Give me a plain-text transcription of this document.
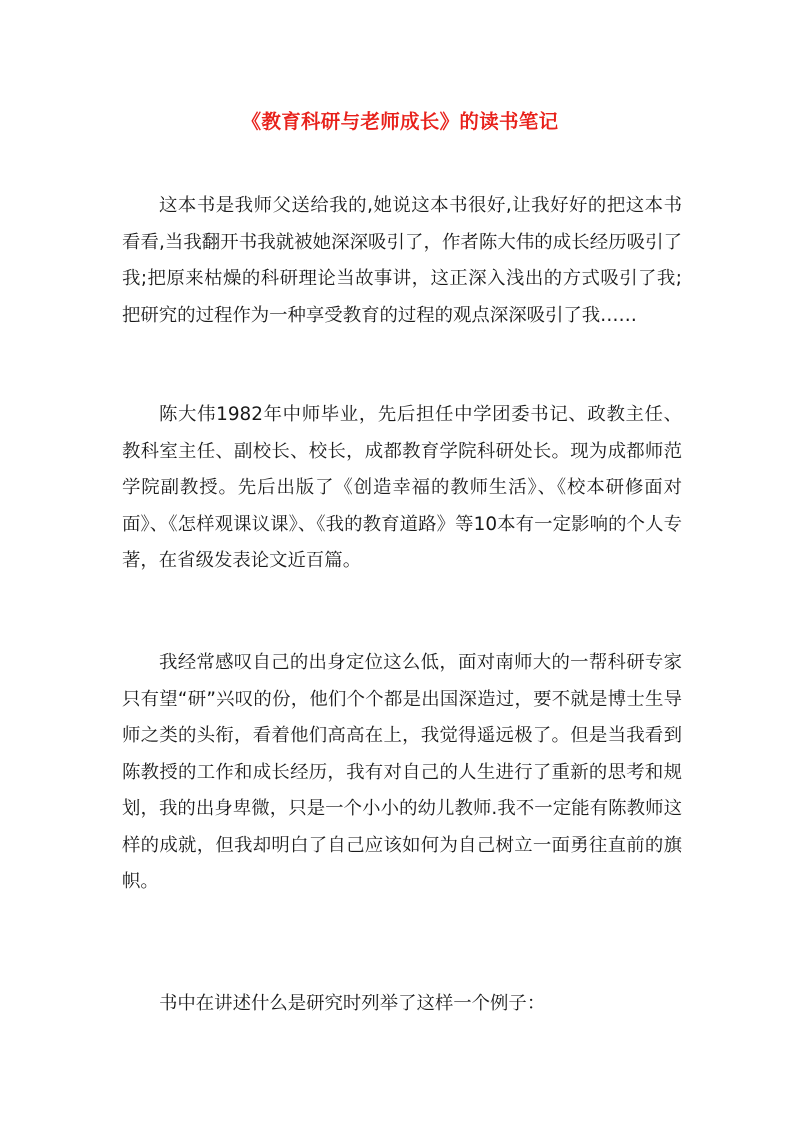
《教育科研与老师成长》的读书笔记

这本书是我师父送给我的,她说这本书很好,让我好好的把这本书看看,当我翻开书我就被她深深吸引了，作者陈大伟的成长经历吸引了我;把原来枯燥的科研理论当故事讲，这正深入浅出的方式吸引了我;把研究的过程作为一种享受教育的过程的观点深深吸引了我……

陈大伟1982年中师毕业，先后担任中学团委书记、政教主任、教科室主任、副校长、校长，成都教育学院科研处长。现为成都师范学院副教授。先后出版了《创造幸福的教师生活》、《校本研修面对面》、《怎样观课议课》、《我的教育道路》等10本有一定影响的个人专著，在省级发表论文近百篇。

我经常感叹自己的出身定位这么低，面对南师大的一帮科研专家只有望“研”兴叹的份，他们个个都是出国深造过，要不就是博士生导师之类的头衔，看着他们高高在上，我觉得遥远极了。但是当我看到陈教授的工作和成长经历，我有对自己的人生进行了重新的思考和规划，我的出身卑微，只是一个小小的幼儿教师.我不一定能有陈教师这样的成就，但我却明白了自己应该如何为自己树立一面勇往直前的旗帜。

书中在讲述什么是研究时列举了这样一个例子：
